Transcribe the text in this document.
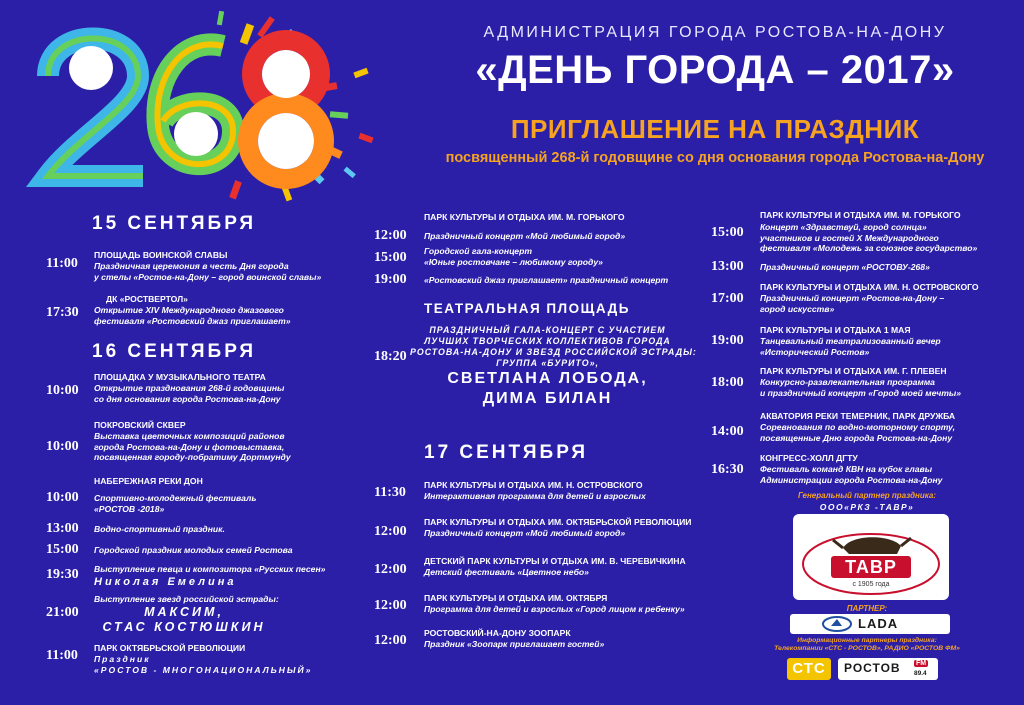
АДМИНИСТРАЦИЯ ГОРОДА РОСТОВА-НА-ДОНУ
«ДЕНЬ ГОРОДА – 2017»
ПРИГЛАШЕНИЕ НА ПРАЗДНИК
посвященный 268-й годовщине со дня основания города Ростова-на-Дону
15 СЕНТЯБРЯ
11:00
ПЛОЩАДЬ ВОИНСКОЙ СЛАВЫ
Праздничная церемония в честь Дня города
у стелы «Ростов-на-Дону – город воинской славы»
17:30
ДК «РОСТВЕРТОЛ»
Открытие XIV Международного джазового
фестиваля «Ростовский джаз приглашает»
16 СЕНТЯБРЯ
10:00
ПЛОЩАДКА У МУЗЫКАЛЬНОГО ТЕАТРА
Открытие празднования 268-й годовщины
со дня основания города Ростова-на-Дону
10:00
ПОКРОВСКИЙ СКВЕР
Выставка цветочных композиций районов
города Ростова-на-Дону и фотовыставка,
посвященная городу-побратиму Дортмунду
10:00
НАБЕРЕЖНАЯ РЕКИ ДОН
Спортивно-молодежный фестиваль
«РОСТОВ -2018»
13:00 Водно-спортивный праздник.
15:00 Городской праздник молодых семей Ростова
19:30 Выступление певца и композитора «Русских песен»
Николая Емелина
21:00
Выступление звезд российской эстрады:
МАКСИМ,
СТАС КОСТЮШКИН
11:00 ПАРК ОКТЯБРЬСКОЙ РЕВОЛЮЦИИ
Праздник
«РОСТОВ - МНОГОНАЦИОНАЛЬНЫЙ»
ПАРК КУЛЬТУРЫ И ОТДЫХА ИМ. М. ГОРЬКОГО
12:00 Праздничный концерт «Мой любимый город»
15:00 Городской гала-концерт
«Юные ростовчане – любимому городу»
19:00 «Ростовский джаз приглашает» праздничный концерт
ТЕАТРАЛЬНАЯ ПЛОЩАДЬ
18:20
ПРАЗДНИЧНЫЙ ГАЛА-КОНЦЕРТ С УЧАСТИЕМ
ЛУЧШИХ ТВОРЧЕСКИХ КОЛЛЕКТИВОВ ГОРОДА
РОСТОВА-НА-ДОНУ И ЗВЕЗД РОССИЙСКОЙ ЭСТРАДЫ:
ГРУППА «БУРИТО»,
СВЕТЛАНА ЛОБОДА,
ДИМА БИЛАН
17 СЕНТЯБРЯ
11:30 ПАРК КУЛЬТУРЫ И ОТДЫХА ИМ. Н. ОСТРОВСКОГО
Интерактивная программа для детей и взрослых
12:00
ПАРК КУЛЬТУРЫ И ОТДЫХА ИМ. ОКТЯБРЬСКОЙ РЕВОЛЮЦИИ
Праздничный концерт «Мой любимый город»
12:00
ДЕТСКИЙ ПАРК КУЛЬТУРЫ И ОТДЫХА ИМ. В. ЧЕРЕВИЧКИНА
Детский фестиваль «Цветное небо»
12:00 ПАРК КУЛЬТУРЫ И ОТДЫХА ИМ. ОКТЯБРЯ
Программа для детей и взрослых «Город лицом к ребенку»
12:00 РОСТОВСКИЙ-НА-ДОНУ ЗООПАРК
Праздник «Зоопарк приглашает гостей»
ПАРК КУЛЬТУРЫ И ОТДЫХА ИМ. М. ГОРЬКОГО
15:00 Концерт «Здравствуй, город солнца»
участников и гостей Х Международного
фестиваля «Молодежь за союзное государство»
13:00 Праздничный концерт «РОСТОВУ-268»
17:00
ПАРК КУЛЬТУРЫ И ОТДЫХА ИМ. Н. ОСТРОВСКОГО
Праздничный концерт «Ростов-на-Дону –
город искусств»
19:00
ПАРК КУЛЬТУРЫ И ОТДЫХА 1 МАЯ
Танцевальный театрализованный вечер
«Исторический Ростов»
18:00
ПАРК КУЛЬТУРЫ И ОТДЫХА ИМ. Г. ПЛЕВЕН
Конкурсно-развлекательная программа
и праздничный концерт «Город моей мечты»
14:00
АКВАТОРИЯ РЕКИ ТЕМЕРНИК, ПАРК ДРУЖБА
Соревнования по водно-моторному спорту,
посвященные Дню города Ростова-на-Дону
16:30
КОНГРЕСС-ХОЛЛ ДГТУ
Фестиваль команд КВН на кубок главы
Администрации города Ростова-на-Дону
Генеральный партнер праздника:
ООО«РКЗ -ТАВР»
ТАВР
с 1905 года
ПАРТНЕР:
LADA
Информационные партнеры праздника:
Телекомпании «СТС - РОСТОВ», РАДИО «РОСТОВ ФМ»
СТС	РОСТОВ FM
89.4
